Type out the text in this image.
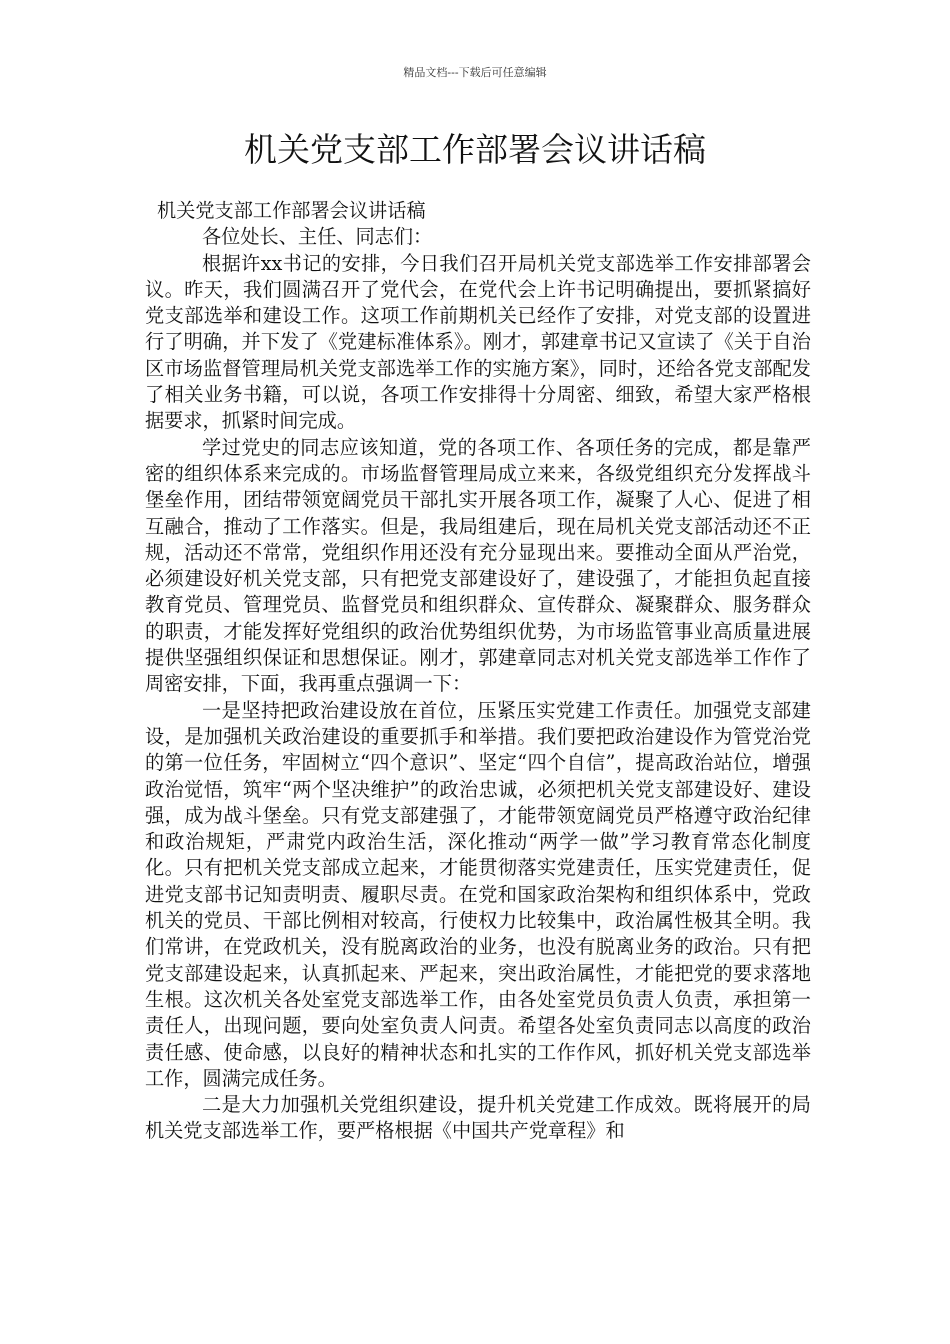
精品文档---下载后可任意编辑
机关党支部工作部署会议讲话稿

机关党支部工作部署会议讲话稿

各位处长、主任、同志们：

根据许xx书记的安排，今日我们召开局机关党支部选举工作安排部署会议。昨天，我们圆满召开了党代会，在党代会上许书记明确提出，要抓紧搞好党支部选举和建设工作。这项工作前期机关已经作了安排，对党支部的设置进行了明确，并下发了《党建标准体系》。刚才，郭建章书记又宣读了《关于自治区市场监督管理局机关党支部选举工作的实施方案》，同时，还给各党支部配发了相关业务书籍，可以说，各项工作安排得十分周密、细致，希望大家严格根据要求，抓紧时间完成。

学过党史的同志应该知道，党的各项工作、各项任务的完成，都是靠严密的组织体系来完成的。市场监督管理局成立来来，各级党组织充分发挥战斗堡垒作用，团结带领宽阔党员干部扎实开展各项工作，凝聚了人心、促进了相互融合，推动了工作落实。但是，我局组建后，现在局机关党支部活动还不正规，活动还不常常，党组织作用还没有充分显现出来。要推动全面从严治党，必须建设好机关党支部，只有把党支部建设好了，建设强了，才能担负起直接教育党员、管理党员、监督党员和组织群众、宣传群众、凝聚群众、服务群众的职责，才能发挥好党组织的政治优势组织优势，为市场监管事业高质量进展提供坚强组织保证和思想保证。刚才，郭建章同志对机关党支部选举工作作了周密安排，下面，我再重点强调一下：

一是坚持把政治建设放在首位，压紧压实党建工作责任。加强党支部建设，是加强机关政治建设的重要抓手和举措。我们要把政治建设作为管党治党的第一位任务，牢固树立“四个意识”、坚定“四个自信”，提高政治站位，增强政治觉悟，筑牢“两个坚决维护”的政治忠诚，必须把机关党支部建设好、建设强，成为战斗堡垒。只有党支部建强了，才能带领宽阔党员严格遵守政治纪律和政治规矩，严肃党内政治生活，深化推动“两学一做”学习教育常态化制度化。只有把机关党支部成立起来，才能贯彻落实党建责任，压实党建责任，促进党支部书记知责明责、履职尽责。在党和国家政治架构和组织体系中，党政机关的党员、干部比例相对较高，行使权力比较集中，政治属性极其全明。我们常讲，在党政机关，没有脱离政治的业务，也没有脱离业务的政治。只有把党支部建设起来，认真抓起来、严起来，突出政治属性，才能把党的要求落地生根。这次机关各处室党支部选举工作，由各处室党员负责人负责，承担第一责任人，出现问题，要向处室负责人问责。希望各处室负责同志以高度的政治责任感、使命感，以良好的精神状态和扎实的工作作风，抓好机关党支部选举工作，圆满完成任务。

二是大力加强机关党组织建设，提升机关党建工作成效。既将展开的局机关党支部选举工作，要严格根据《中国共产党章程》和
